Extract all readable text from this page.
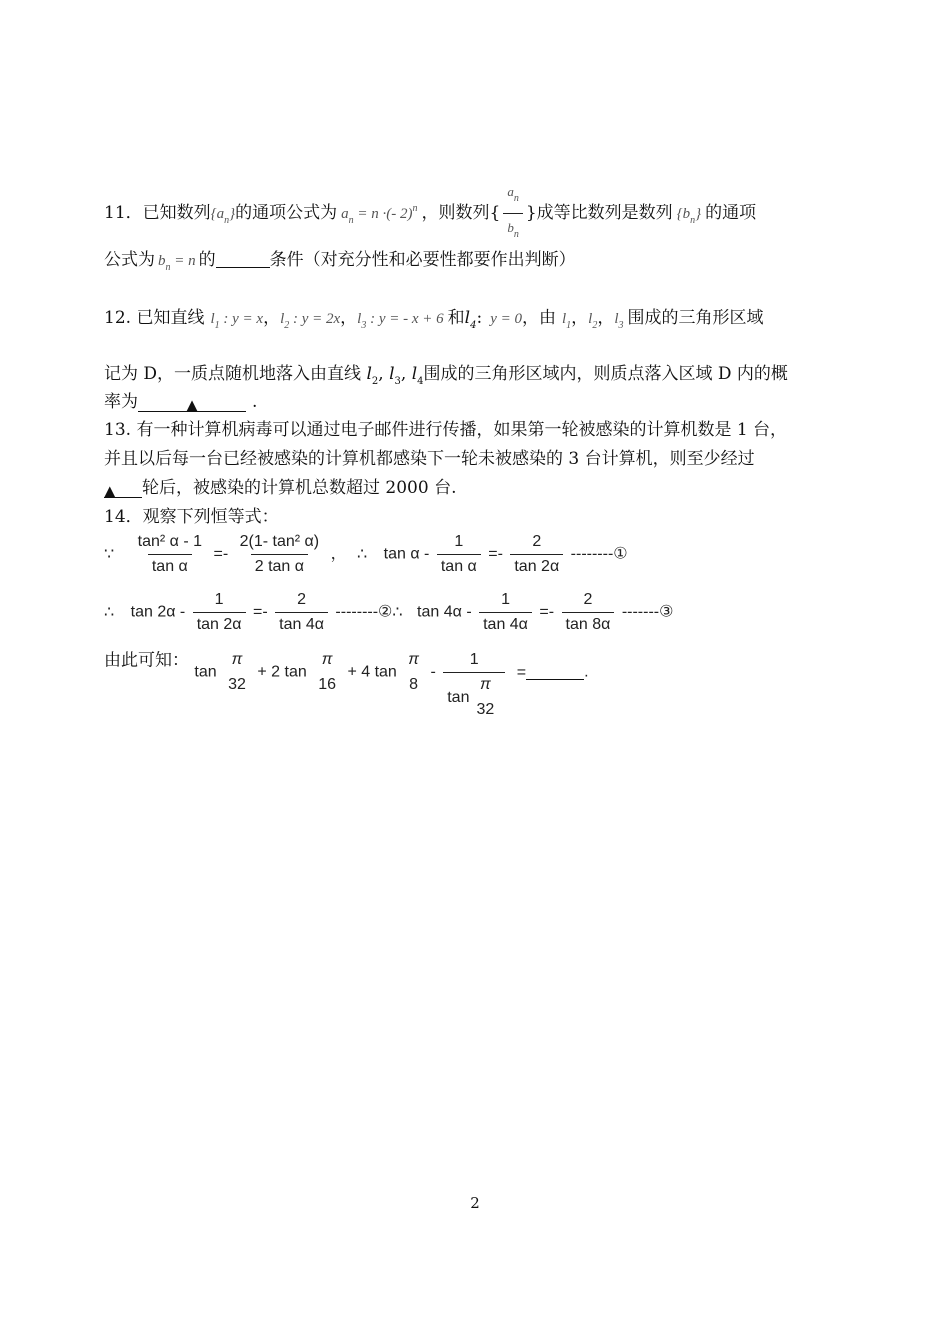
11．已知数列$\{a_n\}$的通项公式为 $a_n = n$ ·(- 2)$^n$ ，则数列{ $\frac{a_n}{b_n}$ }成等比数列是数列 $\{b_n\}$ 的通项
公式为 $b_n = n$ 的	条件（对充分性和必要性都要作出判断）
12. 已知直线 $l_1$ : y = x，$l_2$ : y = 2x，$l_3$ : y = - x + 6 和$l_4$: y = 0，由 $l_1$，$l_2$，$l_3$ 围成的三角形区域
记为 D，一质点随机地落入由直线 $l_2$, $l_3$, $l_4$围成的三角形区域内，则质点落入区域 D 内的概
率为	▲	.
13. 有一种计算机病毒可以通过电子邮件进行传播，如果第一轮被感染的计算机数是 1 台，
并且以后每一台已经被感染的计算机都感染下一轮未被感染的 3 台计算机，则至少经过
▲ 轮后，被感染的计算机总数超过 2000 台.
14．观察下列恒等式：
∵ $\frac{\text{tan² α - 1}}{\text{tan α}} =- \frac{\text{2(1- tan² α)}}{\text{2 tan α}}$ ， ∴ $\tan \alpha - \frac{1}{\text{tan α}} =- \frac{2}{\tan 2\alpha}$ --------①
∴ $\tan 2\alpha - \frac{1}{\tan 2\alpha} =- \frac{2}{\tan 4\alpha}$ --------②∴ $\tan 4\alpha - \frac{1}{\tan 4\alpha} =- \frac{2}{\tan 8\alpha}$ -------③
由此可知： tan
π
32
+ 2 tan
π
16
+ 4 tan
π
8
- 1
tan
π
32 =	.
2
